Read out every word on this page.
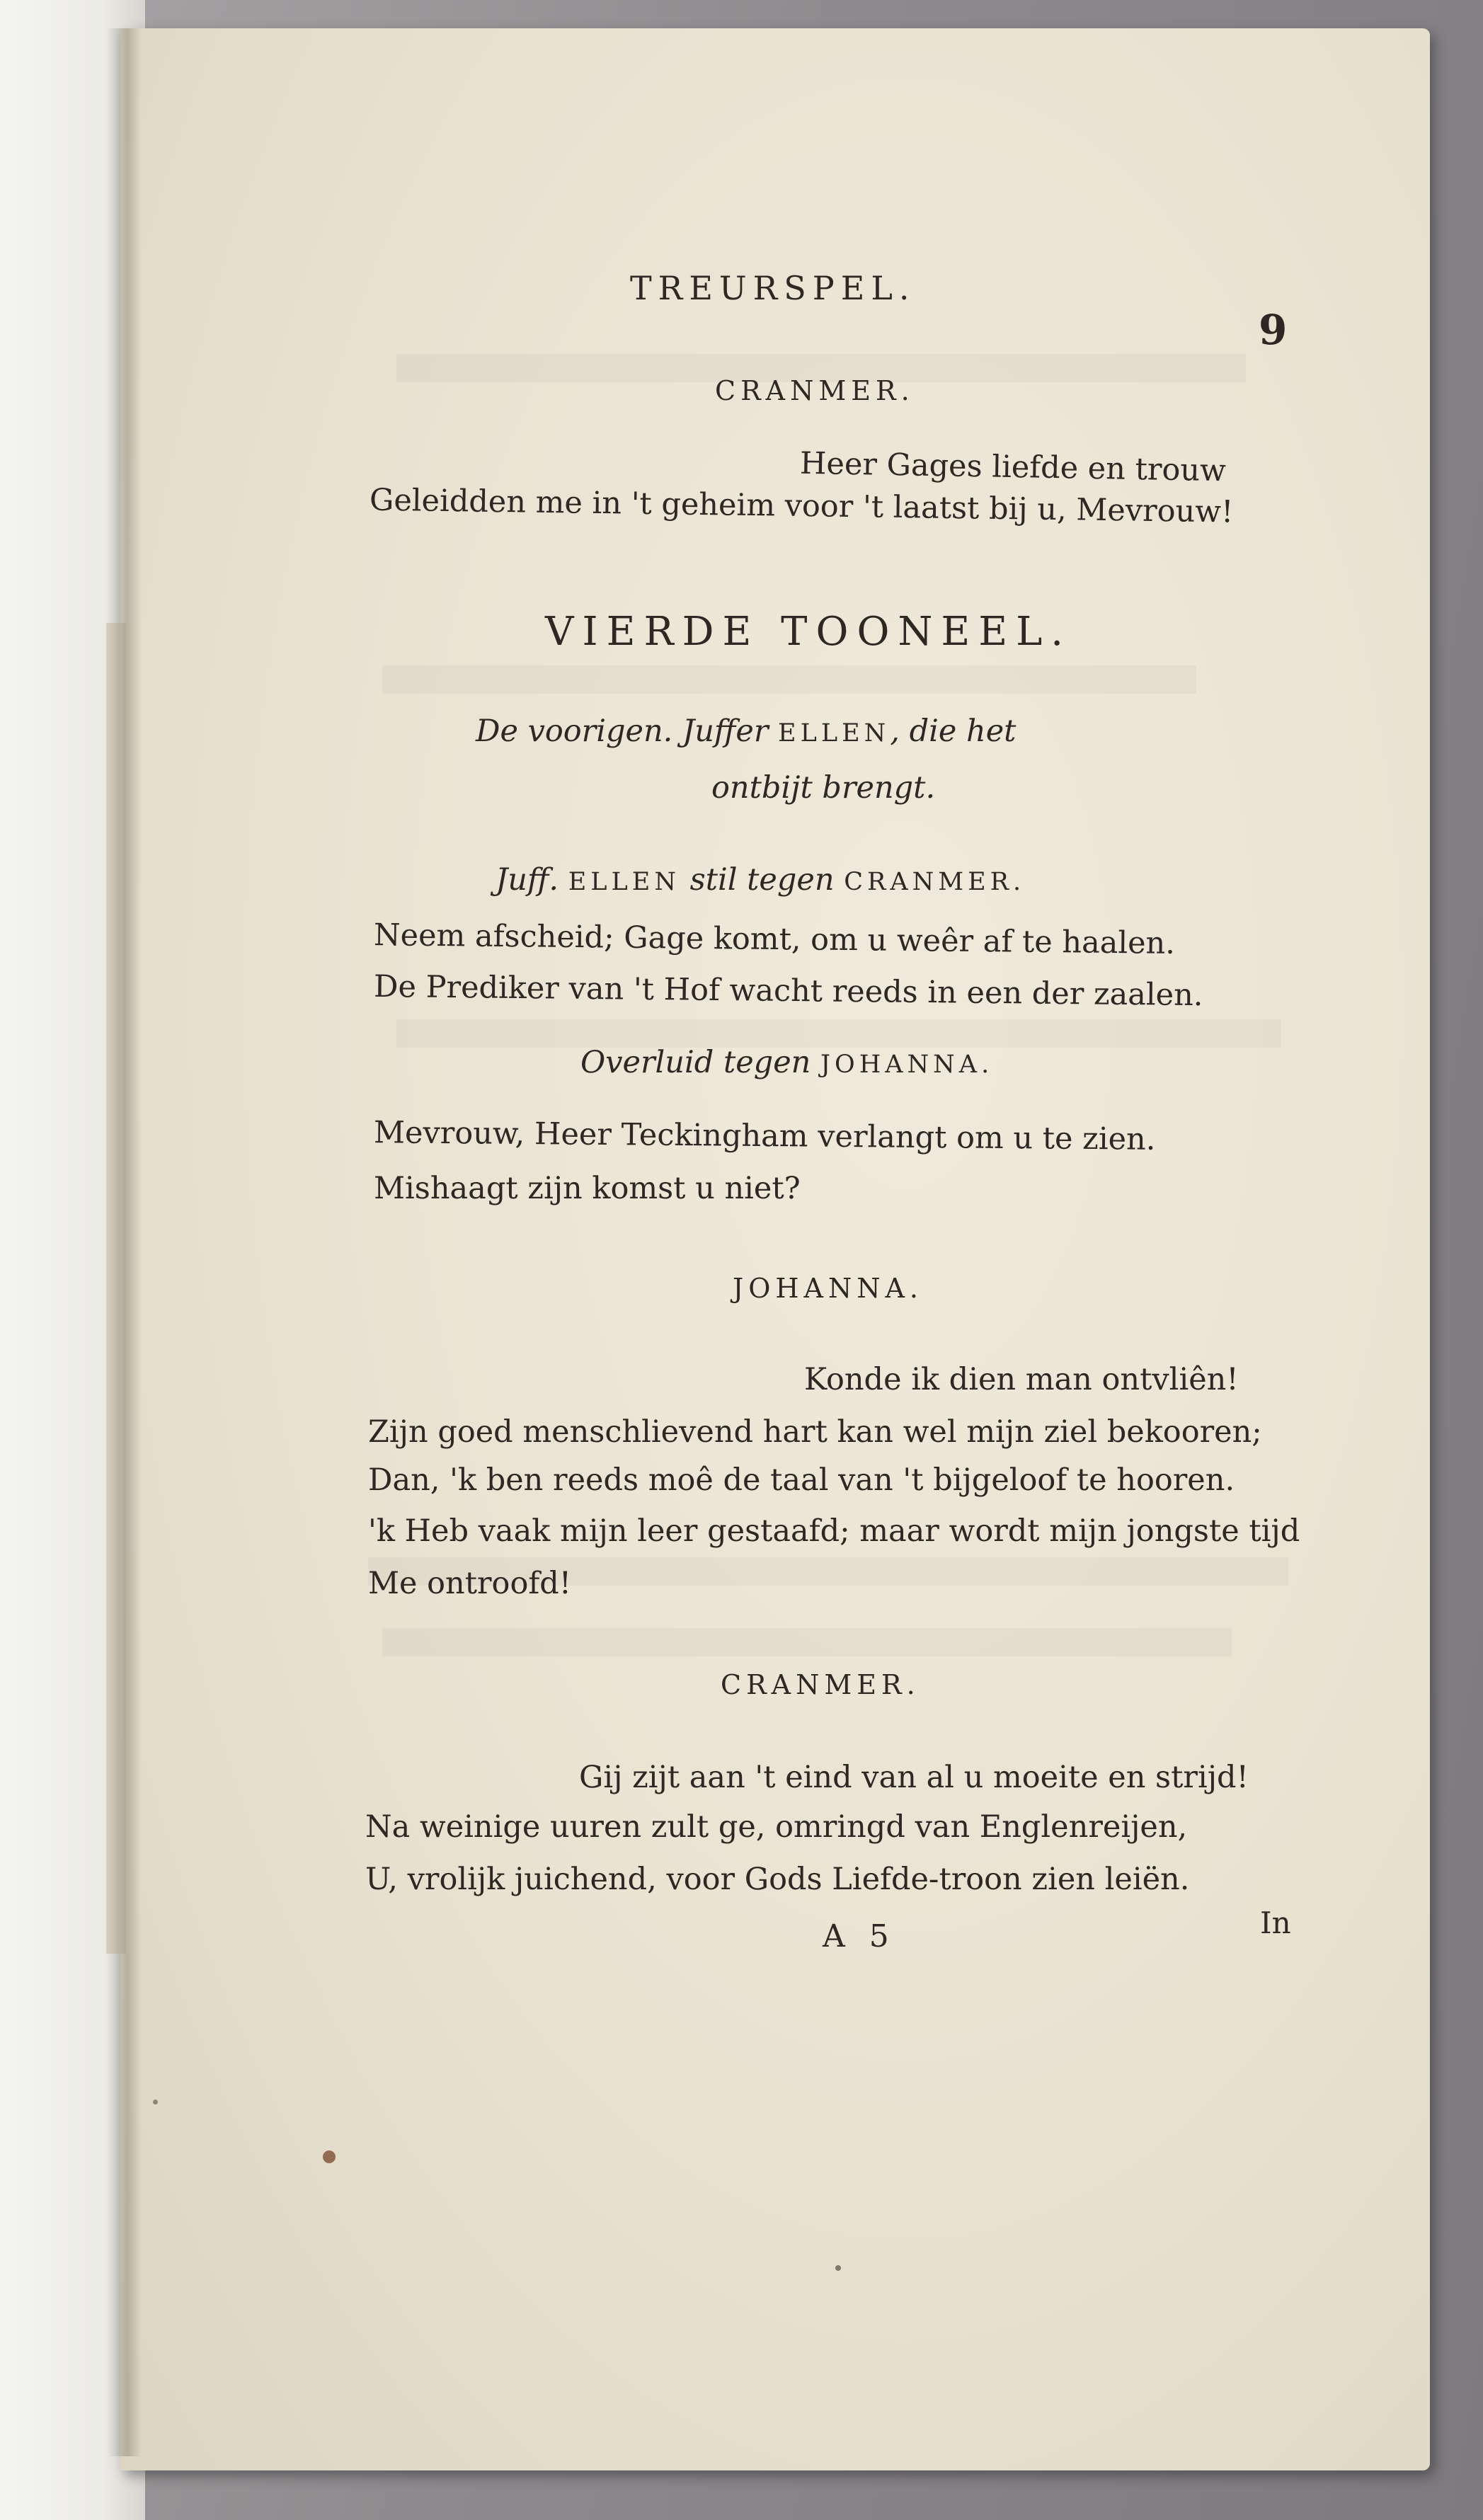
TREURSPEL.
9
CRANMER.
Heer Gages liefde en trouw
Geleidden me in 't geheim voor 't laatst bij u, Mevrouw!
VIERDE TOONEEL.
De voorigen. Juffer ELLEN, die het
ontbijt brengt.
Juff. ELLEN stil tegen CRANMER.
Neem afscheid; Gage komt, om u weêr af te haalen.
De Prediker van 't Hof wacht reeds in een der zaalen.
Overluid tegen JOHANNA.
Mevrouw, Heer Teckingham verlangt om u te zien.
Mishaagt zijn komst u niet?
JOHANNA.
Konde ik dien man ontvliên!
Zijn goed menschlievend hart kan wel mijn ziel bekooren;
Dan, 'k ben reeds moê de taal van 't bijgeloof te hooren.
'k Heb vaak mijn leer gestaafd; maar wordt mijn jongste tijd
Me ontroofd!
CRANMER.
Gij zijt aan 't eind van al u moeite en strijd!
Na weinige uuren zult ge, omringd van Englenreijen,
U, vrolijk juichend, voor Gods Liefde-troon zien leiën.
A 5	In
